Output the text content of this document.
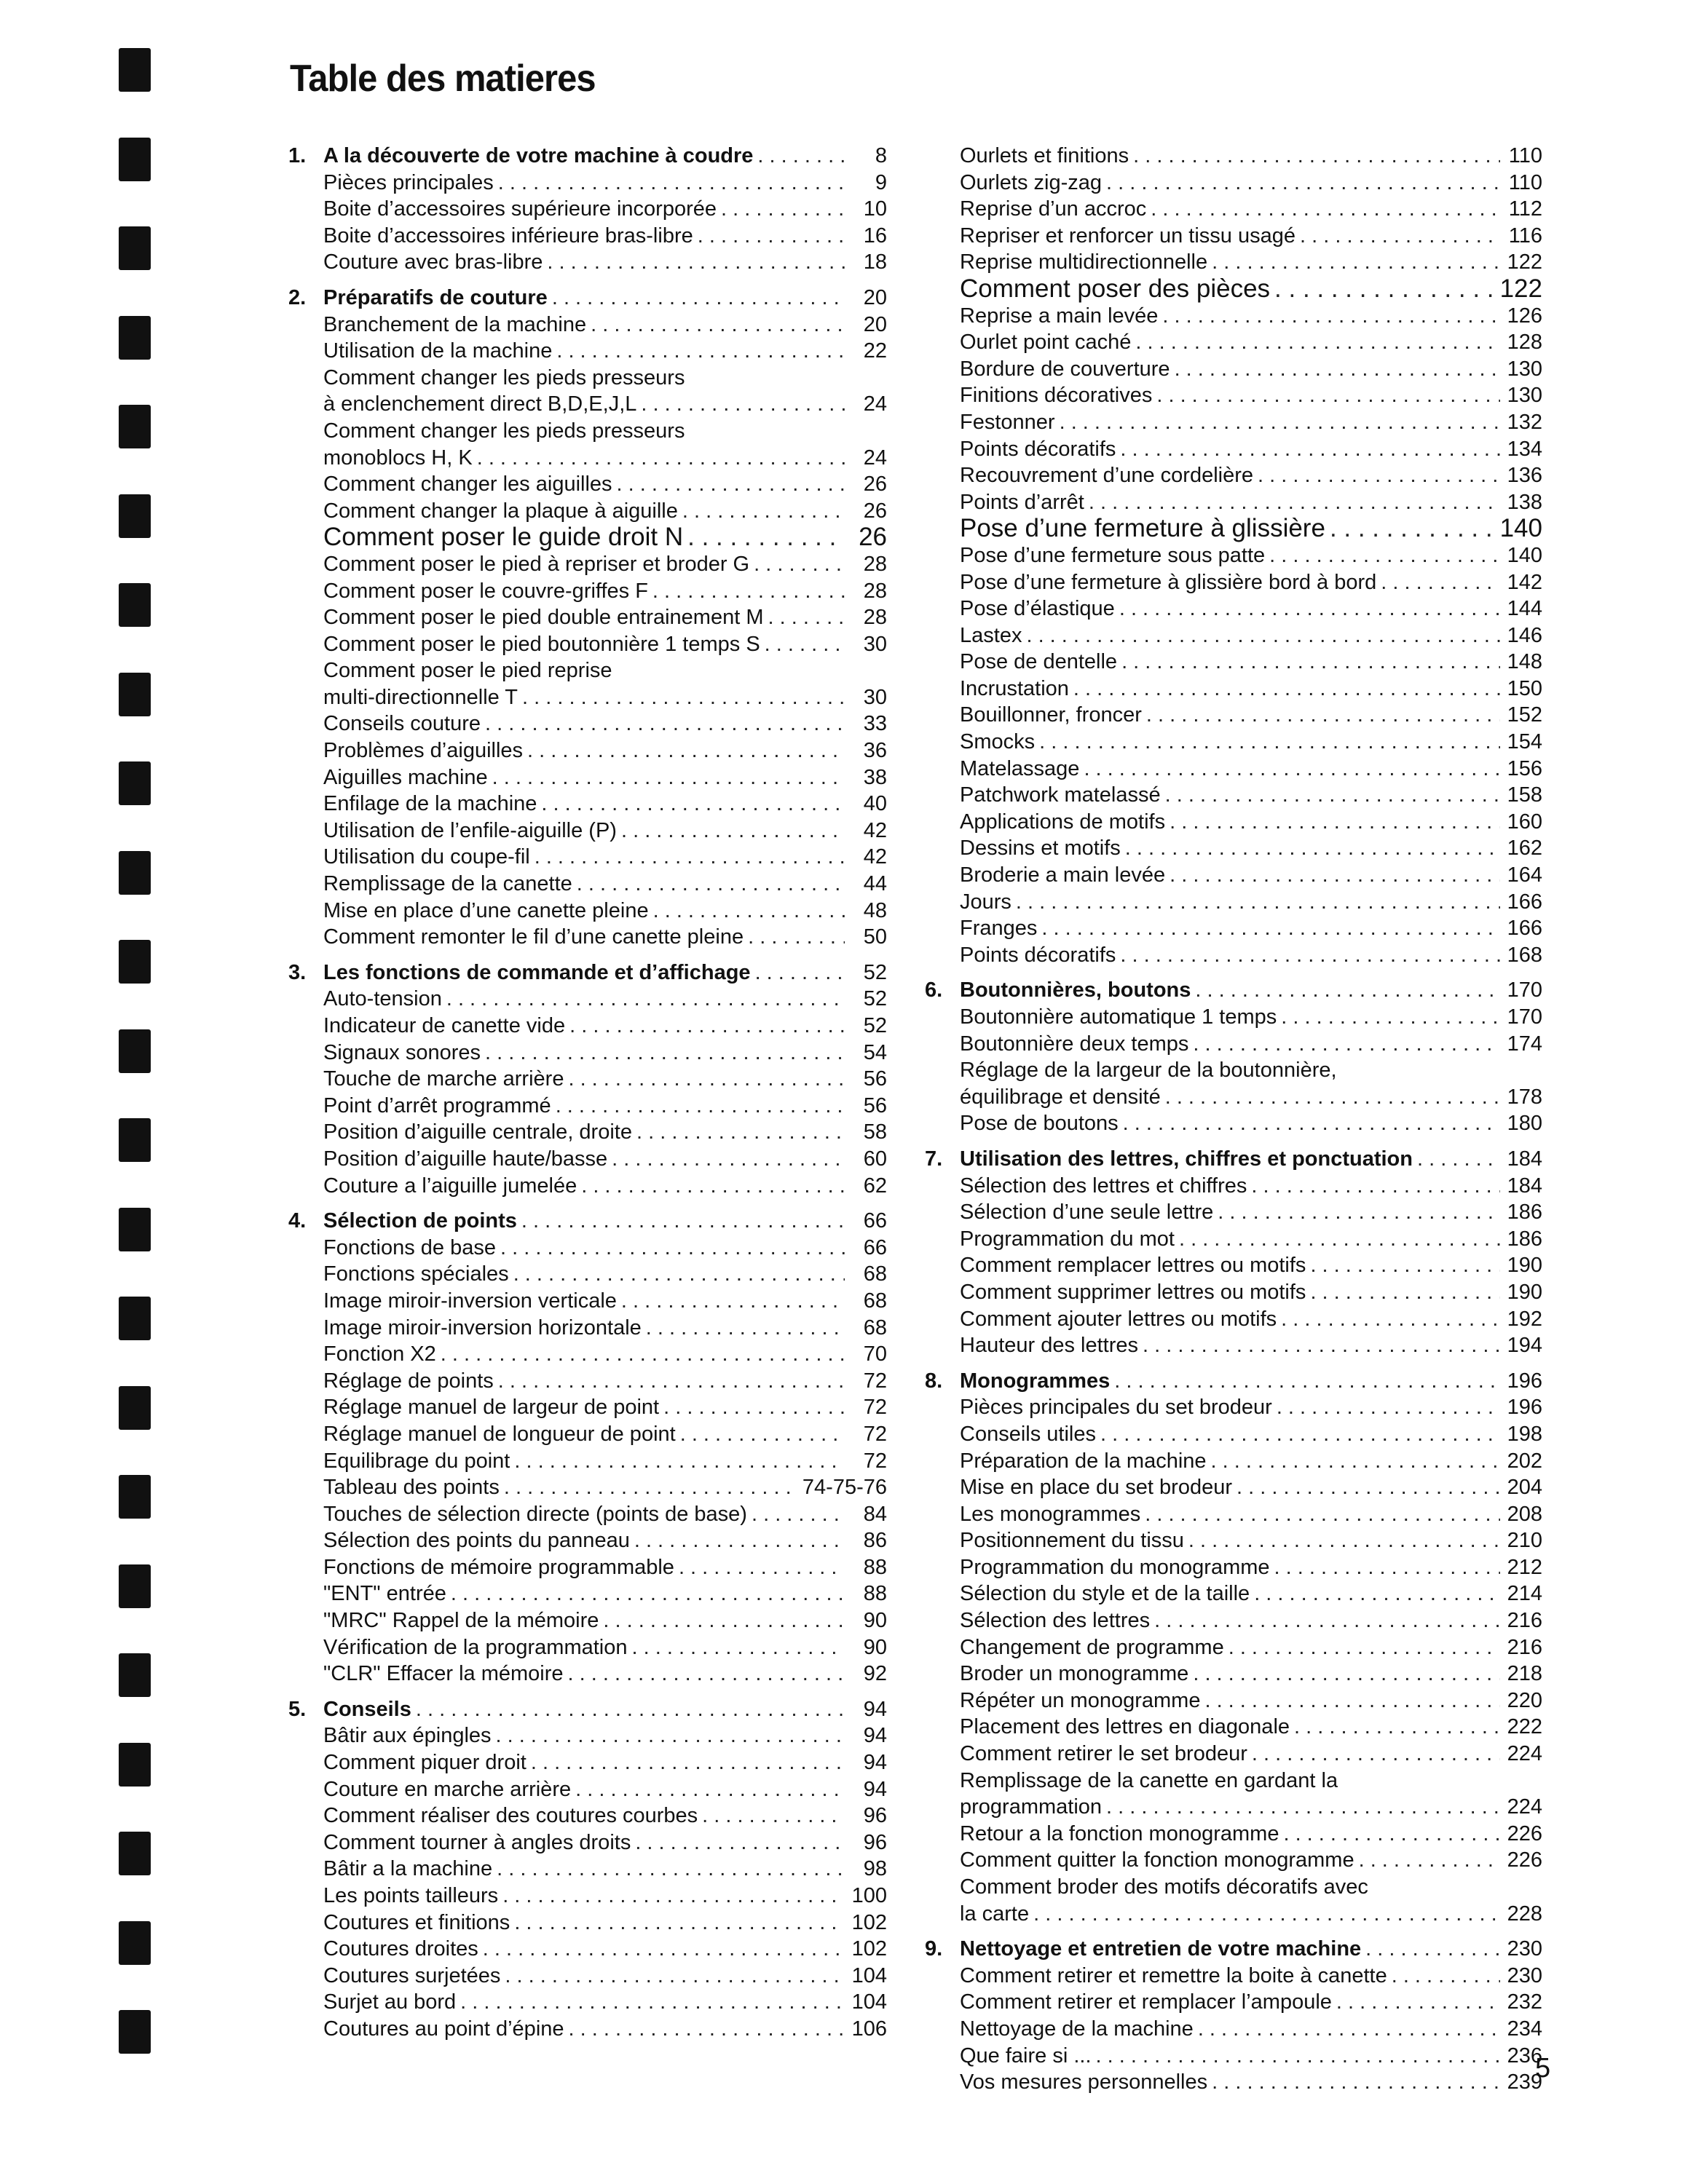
Table des matieres
1. A la découverte de votre machine à coudre . . .	8
Pièces principales . . .	9
Boite d’accessoires supérieure incorporée . . .	10
Boite d’accessoires inférieure bras-libre . . .	16
Couture avec bras-libre . . .	18
2. Préparatifs de couture . . .	20
Branchement de la machine . . .	20
Utilisation de la machine . . .	22
Comment changer les pieds presseurs
à enclenchement direct B,D,E,J,L . . .	24
Comment changer les pieds presseurs
monoblocs H, K . . .	24
Comment changer les aiguilles . . .	26
Comment changer la plaque à aiguille . . .	26
Comment poser le guide droit N . . .	26
Comment poser le pied à repriser et broder G . . .	28
Comment poser le couvre-griffes F . . .	28
Comment poser le pied double entrainement M . . .	28
Comment poser le pied boutonnière 1 temps S . . .	30
Comment poser le pied reprise
multi-directionnelle T . . .	30
Conseils couture . . .	33
Problèmes d’aiguilles . . .	36
Aiguilles machine . . .	38
Enfilage de la machine . . .	40
Utilisation de l’enfile-aiguille (P) . . .	42
Utilisation du coupe-fil . . .	42
Remplissage de la canette . . .	44
Mise en place d’une canette pleine . . .	48
Comment remonter le fil d’une canette pleine . . .	50
3. Les fonctions de commande et d’affichage . . .	52
Auto-tension . . .	52
Indicateur de canette vide . . .	52
Signaux sonores . . .	54
Touche de marche arrière . . .	56
Point d’arrêt programmé . . .	56
Position d’aiguille centrale, droite . . .	58
Position d’aiguille haute/basse . . .	60
Couture a l’aiguille jumelée . . .	62
4. Sélection de points . . .	66
Fonctions de base . . .	66
Fonctions spéciales . . .	68
Image miroir-inversion verticale . . .	68
Image miroir-inversion horizontale . . .	68
Fonction X2 . . .	70
Réglage de points . . .	72
Réglage manuel de largeur de point . . .	72
Réglage manuel de longueur de point . . .	72
Equilibrage du point . . .	72
Tableau des points . . .	74-75-76
Touches de sélection directe (points de base) . . .	84
Sélection des points du panneau . . .	86
Fonctions de mémoire programmable . . .	88
"ENT" entrée . . .	88
"MRC" Rappel de la mémoire . . .	90
Vérification de la programmation . . .	90
"CLR" Effacer la mémoire . . .	92
5. Conseils . . .	94
Bâtir aux épingles . . .	94
Comment piquer droit . . .	94
Couture en marche arrière . . .	94
Comment réaliser des coutures courbes . . .	96
Comment tourner à angles droits . . .	96
Bâtir a la machine . . .	98
Les points tailleurs . . .	100
Coutures et finitions . . .	102
Coutures droites . . .	102
Coutures surjetées . . .	104
Surjet au bord . . .	104
Coutures au point d’épine . . .	106
Ourlets et finitions . . .	110
Ourlets zig-zag . . .	110
Reprise d’un accroc . . .	112
Repriser et renforcer un tissu usagé . . .	116
Reprise multidirectionnelle . . .	122
Comment poser des pièces . . .	122
Reprise a main levée . . .	126
Ourlet point caché . . .	128
Bordure de couverture . . .	130
Finitions décoratives . . .	130
Festonner . . .	132
Points décoratifs . . .	134
Recouvrement d’une cordelière . . .	136
Points d’arrêt . . .	138
Pose d’une fermeture à glissière . . .	140
Pose d’une fermeture sous patte . . .	140
Pose d’une fermeture à glissière bord à bord . . .	142
Pose d’élastique . . .	144
Lastex . . .	146
Pose de dentelle . . .	148
Incrustation . . .	150
Bouillonner, froncer . . .	152
Smocks . . .	154
Matelassage . . .	156
Patchwork matelassé . . .	158
Applications de motifs . . .	160
Dessins et motifs . . .	162
Broderie a main levée . . .	164
Jours . . .	166
Franges . . .	166
Points décoratifs . . .	168
6. Boutonnières, boutons . . .	170
Boutonnière automatique 1 temps . . .	170
Boutonnière deux temps . . .	174
Réglage de la largeur de la boutonnière,
équilibrage et densité . . .	178
Pose de boutons . . .	180
7. Utilisation des lettres, chiffres et ponctuation . . .	184
Sélection des lettres et chiffres . . .	184
Sélection d’une seule lettre . . .	186
Programmation du mot . . .	186
Comment remplacer lettres ou motifs . . .	190
Comment supprimer lettres ou motifs . . .	190
Comment ajouter lettres ou motifs . . .	192
Hauteur des lettres . . .	194
8. Monogrammes . . .	196
Pièces principales du set brodeur . . .	196
Conseils utiles . . .	198
Préparation de la machine . . .	202
Mise en place du set brodeur . . .	204
Les monogrammes . . .	208
Positionnement du tissu . . .	210
Programmation du monogramme . . .	212
Sélection du style et de la taille . . .	214
Sélection des lettres . . .	216
Changement de programme . . .	216
Broder un monogramme . . .	218
Répéter un monogramme . . .	220
Placement des lettres en diagonale . . .	222
Comment retirer le set brodeur . . .	224
Remplissage de la canette en gardant la
programmation . . .	224
Retour a la fonction monogramme . . .	226
Comment quitter la fonction monogramme . . .	226
Comment broder des motifs décoratifs avec
la carte . . .	228
9. Nettoyage et entretien de votre machine . . .	230
Comment retirer et remettre la boite à canette . . .	230
Comment retirer et remplacer l’ampoule . . .	232
Nettoyage de la machine . . .	234
Que faire si ... . . .	236
Vos mesures personnelles . . .	239
5
